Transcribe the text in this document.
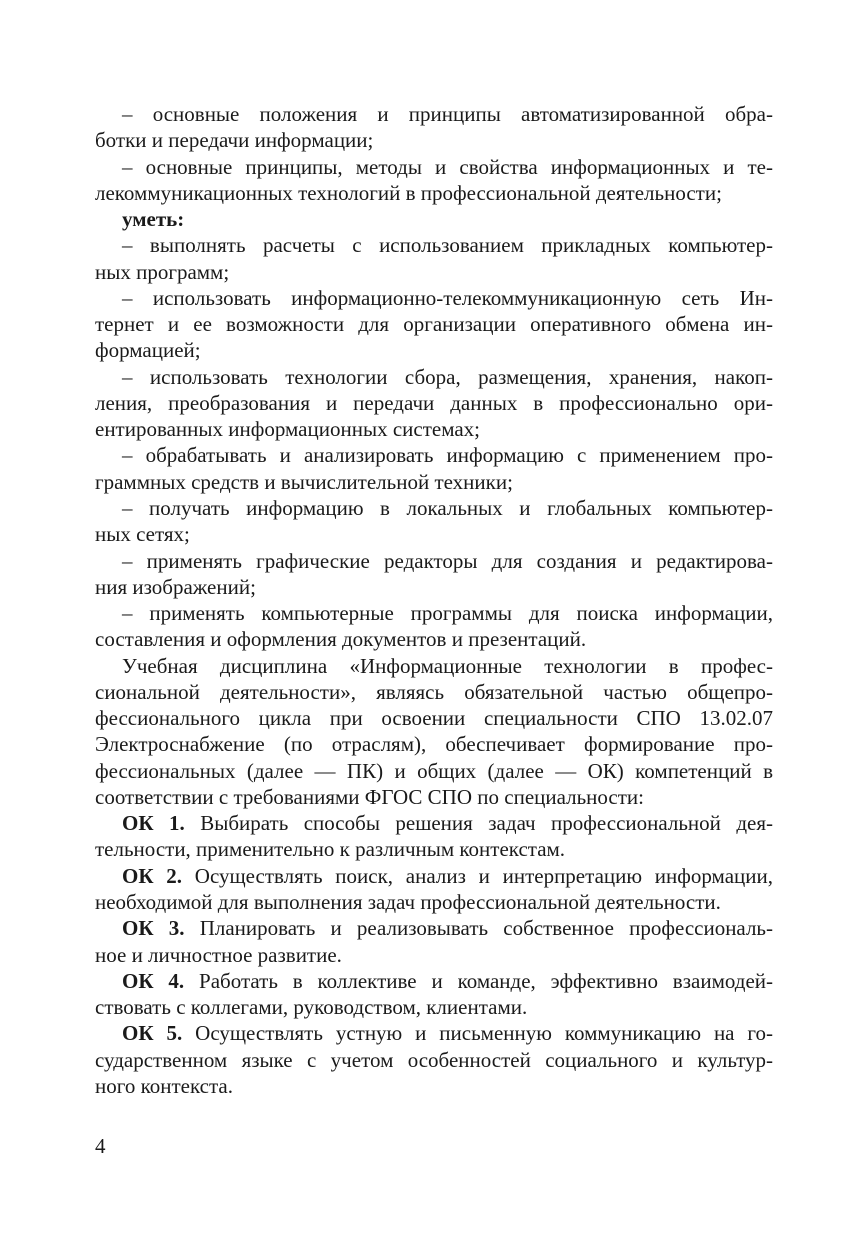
– основные положения и принципы автоматизированной обра-
ботки и передачи информации;
– основные принципы, методы и свойства информационных и те-
лекоммуникационных технологий в профессиональной деятельности;
уметь:
– выполнять расчеты с использованием прикладных компьютер-
ных программ;
– использовать информационно-телекоммуникационную сеть Ин-
тернет и ее возможности для организации оперативного обмена ин-
формацией;
– использовать технологии сбора, размещения, хранения, накоп-
ления, преобразования и передачи данных в профессионально ори-
ентированных информационных системах;
– обрабатывать и анализировать информацию с применением про-
граммных средств и вычислительной техники;
– получать информацию в локальных и глобальных компьютер-
ных сетях;
– применять графические редакторы для создания и редактирова-
ния изображений;
– применять компьютерные программы для поиска информации,
составления и оформления документов и презентаций.
Учебная дисциплина «Информационные технологии в профес-
сиональной деятельности», являясь обязательной частью общепро-
фессионального цикла при освоении специальности СПО 13.02.07
Электроснабжение (по отраслям), обеспечивает формирование про-
фессиональных (далее — ПК) и общих (далее — ОК) компетенций в
соответствии с требованиями ФГОС СПО по специальности:
ОК 1. Выбирать способы решения задач профессиональной дея-
тельности, применительно к различным контекстам.
ОК 2. Осуществлять поиск, анализ и интерпретацию информации,
необходимой для выполнения задач профессиональной деятельности.
ОК 3. Планировать и реализовывать собственное профессиональ-
ное и личностное развитие.
ОК 4. Работать в коллективе и команде, эффективно взаимодей-
ствовать с коллегами, руководством, клиентами.
ОК 5. Осуществлять устную и письменную коммуникацию на го-
сударственном языке с учетом особенностей социального и культур-
ного контекста.
4
